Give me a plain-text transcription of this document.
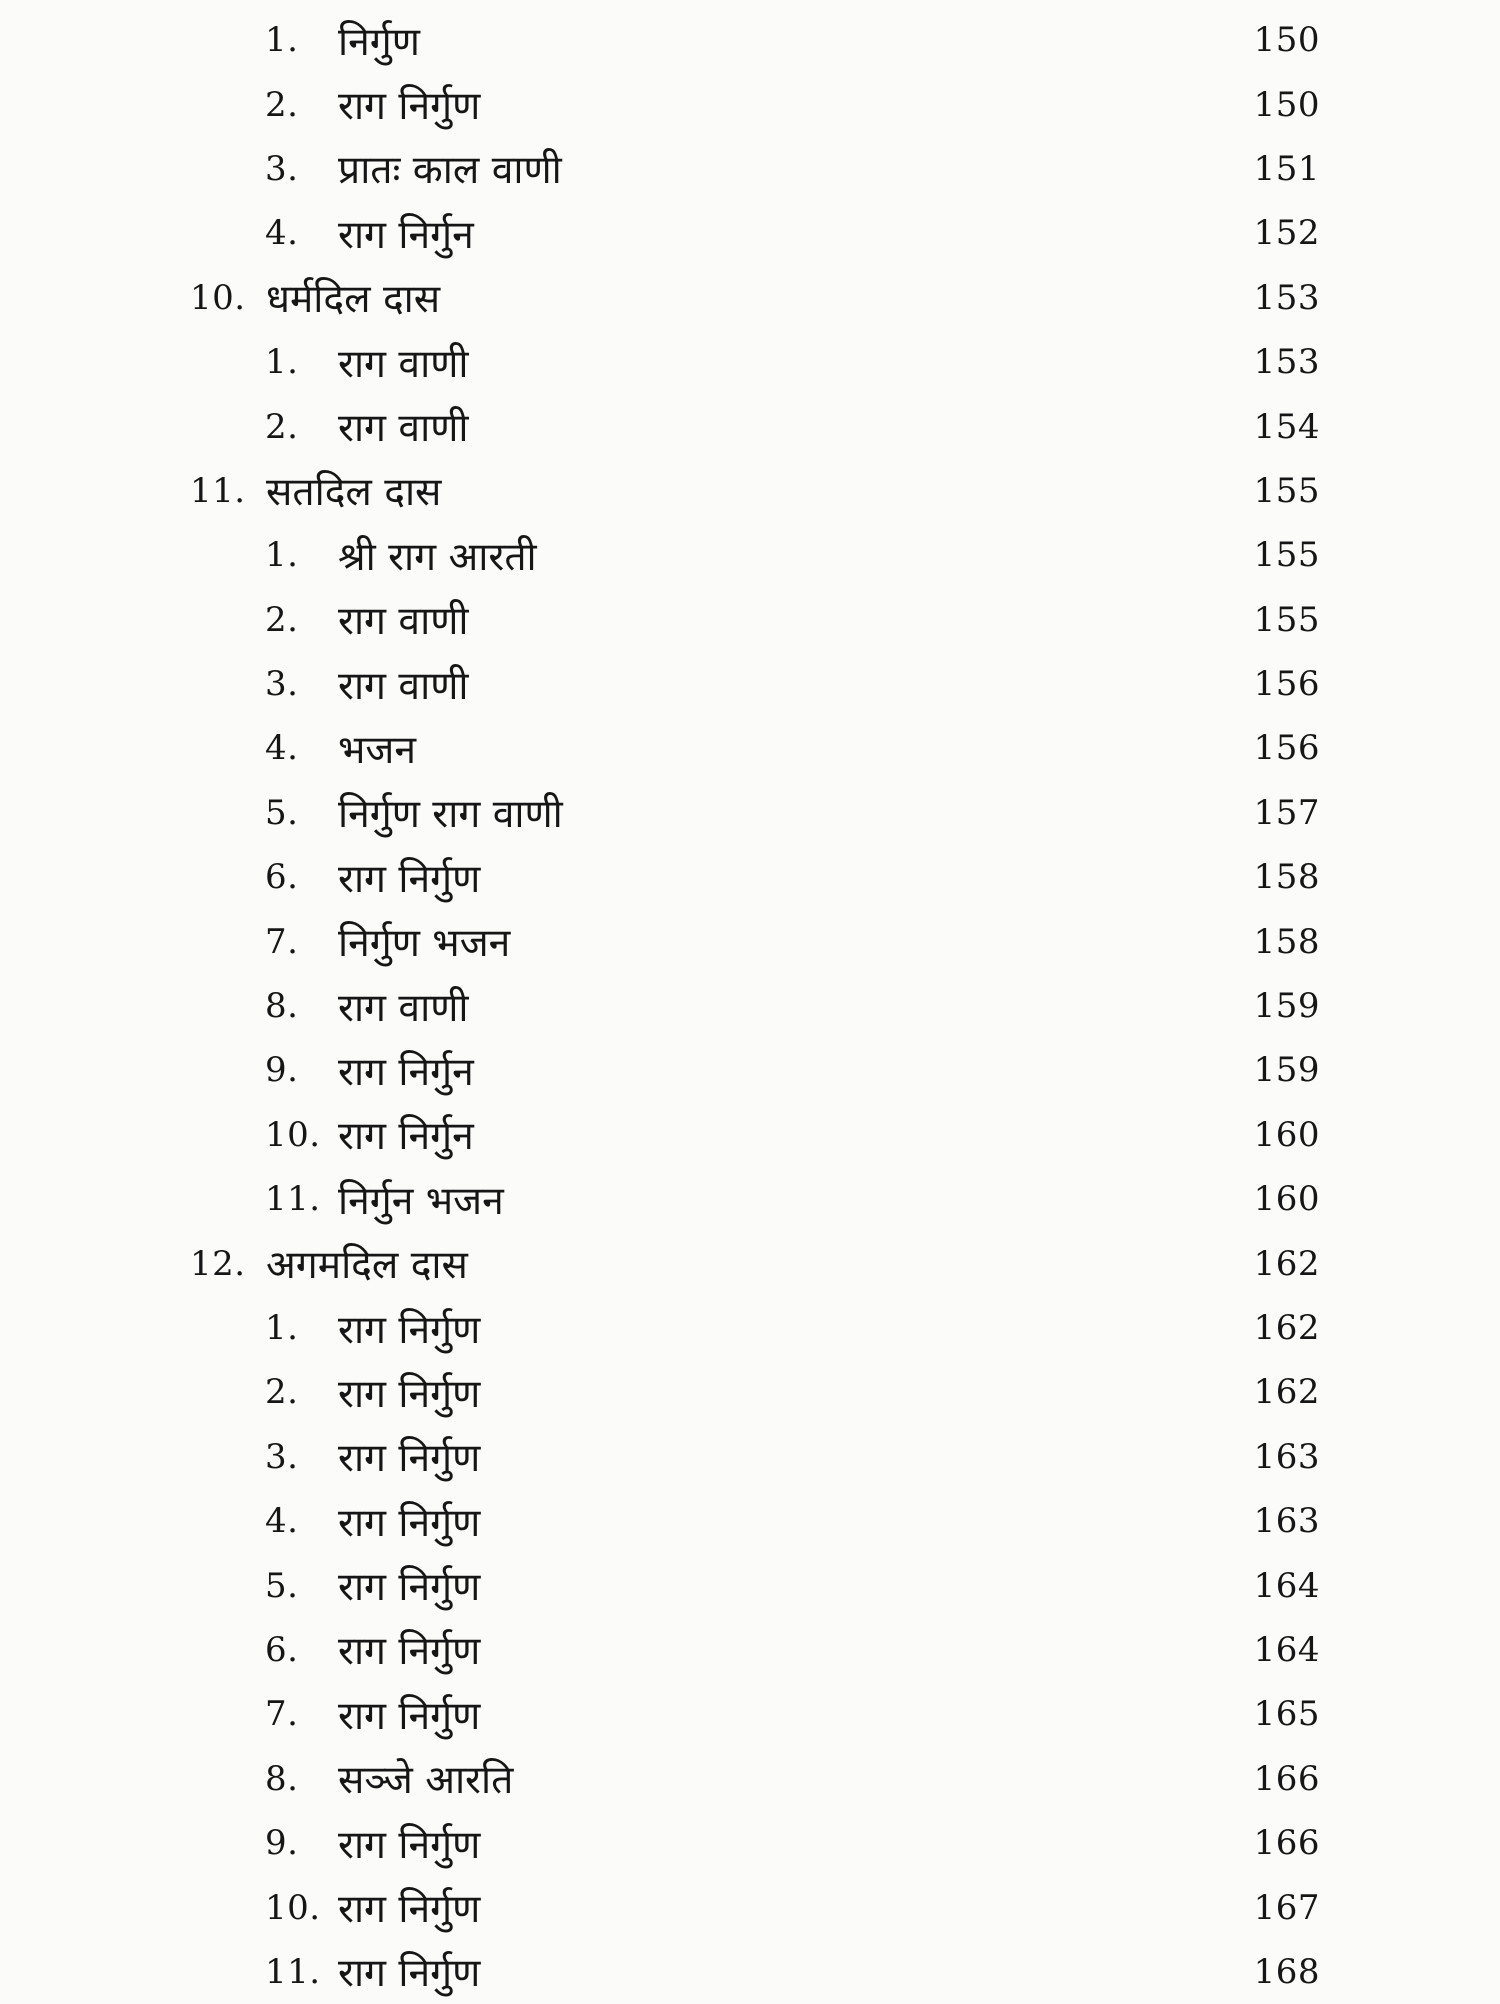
1.	निर्गुण	150
2.	राग निर्गुण	150
3.	प्रातः काल वाणी	151
4.	राग निर्गुन	152
10. धर्मदिल दास	153
1.	राग वाणी	153
2.	राग वाणी	154
11. सतदिल दास	155
1.	श्री राग आरती	155
2.	राग वाणी	155
3.	राग वाणी	156
4.	भजन	156
5.	निर्गुण राग वाणी	157
6.	राग निर्गुण	158
7.	निर्गुण भजन	158
8.	राग वाणी	159
9.	राग निर्गुन	159
10. राग निर्गुन	160
11. निर्गुन भजन	160
12. अगमदिल दास	162
1.	राग निर्गुण	162
2.	राग निर्गुण	162
3.	राग निर्गुण	163
4.	राग निर्गुण	163
5.	राग निर्गुण	164
6.	राग निर्गुण	164
7.	राग निर्गुण	165
8.	सञ्जे आरति	166
9.	राग निर्गुण	166
10. राग निर्गुण	167
11. राग निर्गुण	168
